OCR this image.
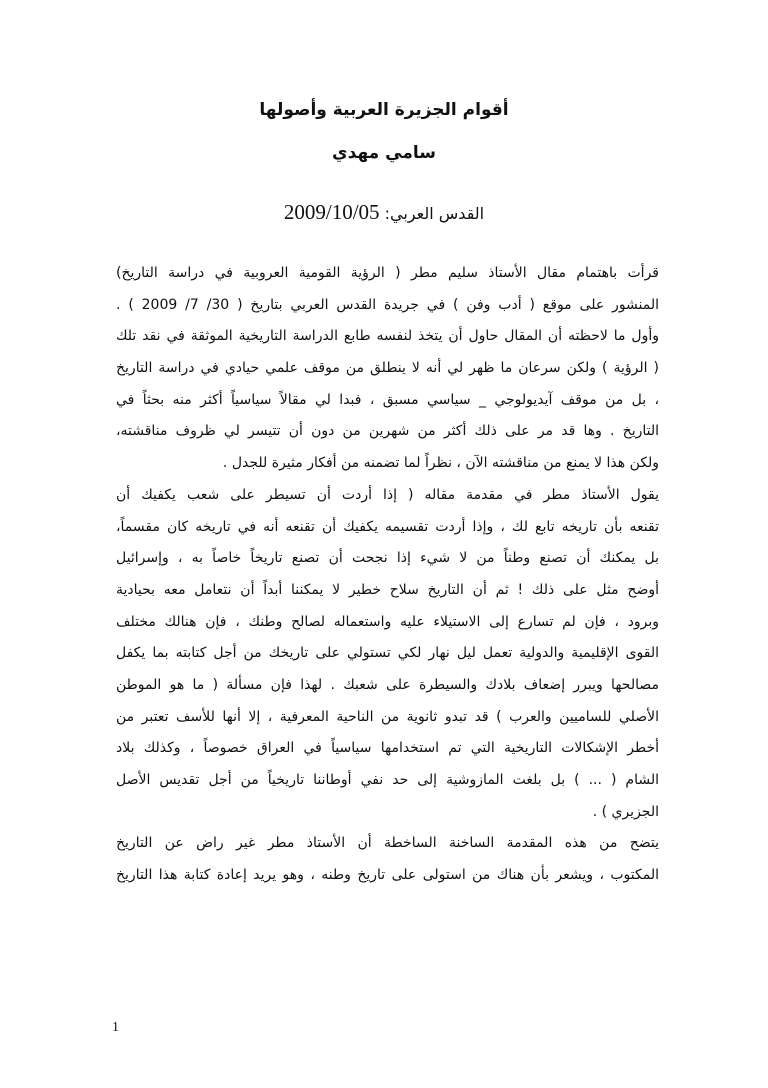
أقوام الجزيرة العربية وأصولها
سامي مهدي
القدس العربي: 2009/10/05
قرأت باهتمام مقال الأستاذ سليم مطر ( الرؤية القومية العروبية في دراسة التاريخ)
المنشور على موقع ( أدب وفن ) في جريدة القدس العربي بتاريخ ( 30/ 7/ 2009 ) .
وأول ما لاحظته أن المقال حاول أن يتخذ لنفسه طابع الدراسة التاريخية الموثقة في نقد تلك
( الرؤية ) ولكن سرعان ما ظهر لي أنه لا ينطلق من موقف علمي حيادي في دراسة التاريخ
، بل من موقف آيديولوجي _ سياسي مسبق ، فبدا لي مقالاً سياسياً أكثر منه بحثاً في
التاريخ . وها قد مر على ذلك أكثر من شهرين من دون أن تتيسر لي ظروف مناقشته،
ولكن هذا لا يمنع من مناقشته الآن ، نظراً لما تضمنه من أفكار مثيرة للجدل .
يقول الأستاذ مطر في مقدمة مقاله ( إذا أردت أن تسيطر على شعب يكفيك أن
تقنعه بأن تاريخه تابع لك ، وإذا أردت تقسيمه يكفيك أن تقنعه أنه في تاريخه كان مقسماً،
بل يمكنك أن تصنع وطناً من لا شيء إذا نجحت أن تصنع تاريخاً خاصاً به ، وإسرائيل
أوضح مثل على ذلك ! ثم أن التاريخ سلاح خطير لا يمكننا أبداً أن نتعامل معه بحيادية
وبرود ، فإن لم تسارع إلى الاستيلاء عليه واستعماله لصالح وطنك ، فإن هنالك مختلف
القوى الإقليمية والدولية تعمل ليل نهار لكي تستولي على تاريخك من أجل كتابته بما يكفل
مصالحها ويبرر إضعاف بلادك والسيطرة على شعبك . لهذا فإن مسألة ( ما هو الموطن
الأصلي للساميين والعرب ) قد تبدو ثانوية من الناحية المعرفية ، إلا أنها للأسف تعتبر من
أخطر الإشكالات التاريخية التي تم استخدامها سياسياً في العراق خصوصاً ، وكذلك بلاد
الشام ( ... ) بل بلغت المازوشية إلى حد نفي أوطاننا تاريخياً من أجل تقديس الأصل
الجزيري ) .
يتضح من هذه المقدمة الساخنة الساخطة أن الأستاذ مطر غير راض عن التاريخ
المكتوب ، ويشعر بأن هناك من استولى على تاريخ وطنه ، وهو يريد إعادة كتابة هذا التاريخ
1
